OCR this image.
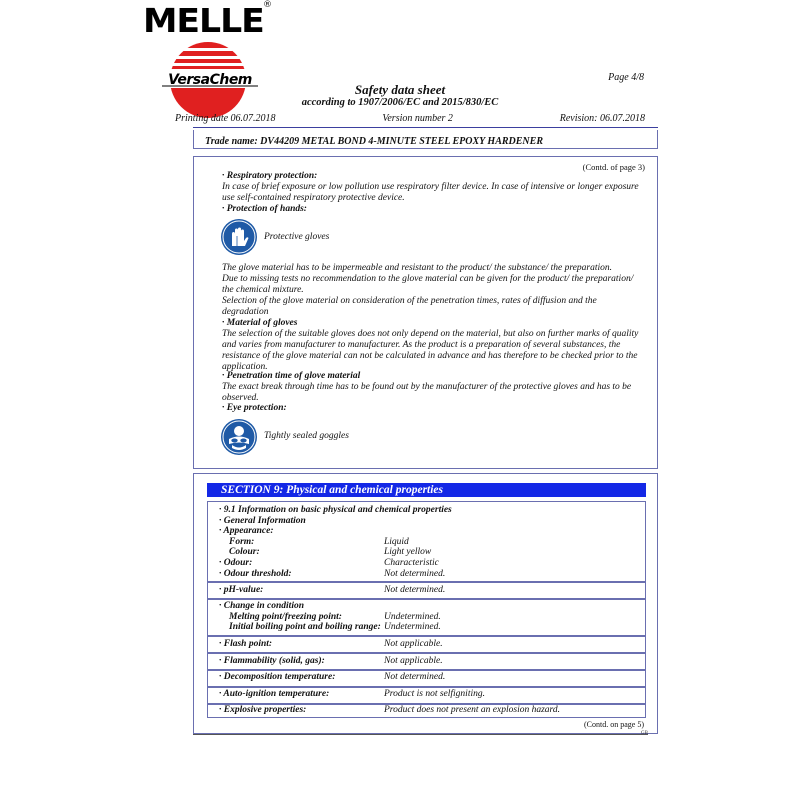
MELLE ®
VersaChem	Page 4/8
Safety data sheet
according to 1907/2006/EC and 2015/830/EC
Printing date 06.07.2018	Version number 2	Revision: 06.07.2018
Trade name: DV44209 METAL BOND 4-MINUTE STEEL EPOXY HARDENER
(Contd. of page 3)
· Respiratory protection:
In case of brief exposure or low pollution use respiratory filter device. In case of intensive or longer exposure
use self-contained respiratory protective device.
· Protection of hands:
Protective gloves
The glove material has to be impermeable and resistant to the product/ the substance/ the preparation.
Due to missing tests no recommendation to the glove material can be given for the product/ the preparation/
the chemical mixture.
Selection of the glove material on consideration of the penetration times, rates of diffusion and the
degradation
· Material of gloves
The selection of the suitable gloves does not only depend on the material, but also on further marks of quality
and varies from manufacturer to manufacturer. As the product is a preparation of several substances, the
resistance of the glove material can not be calculated in advance and has therefore to be checked prior to the
application.
· Penetration time of glove material
The exact break through time has to be found out by the manufacturer of the protective gloves and has to be
observed.
· Eye protection:
Tightly sealed goggles
SECTION 9: Physical and chemical properties
· 9.1 Information on basic physical and chemical properties
· General Information
· Appearance:
Form:	Liquid
Colour:	Light yellow
· Odour:	Characteristic
· Odour threshold:	Not determined.
· pH-value:	Not determined.
· Change in condition
Melting point/freezing point:	Undetermined.
Initial boiling point and boiling range: Undetermined.
· Flash point:	Not applicable.
· Flammability (solid, gas):	Not applicable.
· Decomposition temperature:	Not determined.
· Auto-ignition temperature:	Product is not selfigniting.
· Explosive properties:	Product does not present an explosion hazard.
(Contd. on page 5)
GB
